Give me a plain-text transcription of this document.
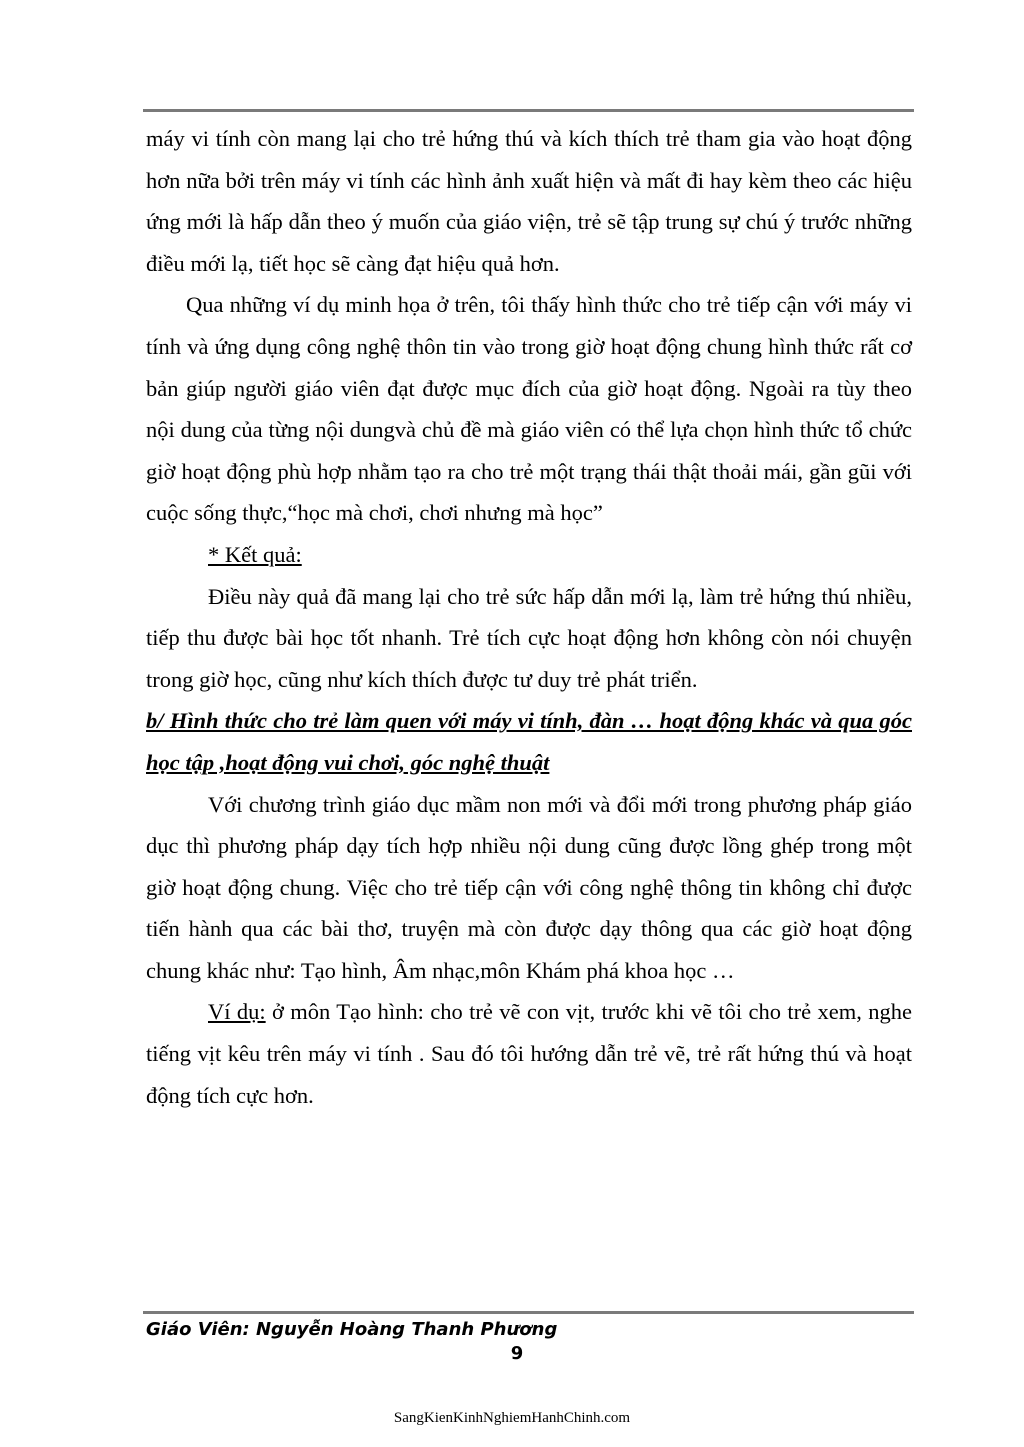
máy vi tính còn mang lại cho trẻ hứng thú và kích thích trẻ tham gia vào hoạt động hơn nữa bởi trên máy vi tính các hình ảnh xuất hiện và mất đi hay kèm theo các hiệu ứng mới là hấp dẫn theo ý muốn của giáo viện, trẻ sẽ tập trung sự chú ý trước những điều mới lạ, tiết học sẽ càng đạt hiệu quả hơn.

Qua những ví dụ minh họa ở trên, tôi thấy hình thức cho trẻ tiếp cận với máy vi tính và ứng dụng công nghệ thôn tin vào trong giờ hoạt động chung hình thức rất cơ bản giúp người giáo viên đạt được mục đích của giờ hoạt động. Ngoài ra tùy theo nội dung của từng nội dungvà chủ đề mà giáo viên có thể lựa chọn hình thức tổ chức giờ hoạt động phù hợp nhằm tạo ra cho trẻ một trạng thái thật thoải mái, gần gũi với cuộc sống thực,“học mà chơi, chơi nhưng mà học”

* Kết quả:

Điều này quả đã mang lại cho trẻ sức hấp dẫn mới lạ, làm trẻ hứng thú nhiều, tiếp thu được bài học tốt nhanh. Trẻ tích cực hoạt động hơn không còn nói chuyện trong giờ học, cũng như kích thích được tư duy trẻ phát triển.

b/ Hình thức cho trẻ làm quen với máy vi tính, đàn … hoạt động khác và qua góc học tập ,hoạt động vui chơi, góc nghệ thuật

Với chương trình giáo dục mầm non mới và đổi mới trong phương pháp giáo dục thì phương pháp dạy tích hợp nhiều nội dung cũng được lồng ghép trong một giờ hoạt động chung. Việc cho trẻ tiếp cận với công nghệ thông tin không chỉ được tiến hành qua các bài thơ, truyện mà còn được dạy thông qua các giờ hoạt động chung khác như: Tạo hình, Âm nhạc,môn Khám phá khoa học …

Ví dụ: ở môn Tạo hình: cho trẻ vẽ con vịt, trước khi vẽ tôi cho trẻ xem, nghe tiếng vịt kêu trên máy vi tính . Sau đó tôi hướng dẫn trẻ vẽ, trẻ rất hứng thú và hoạt động tích cực hơn.

Giáo Viên: Nguyễn Hoàng Thanh Phương
9
SangKienKinhNghiemHanhChinh.com
